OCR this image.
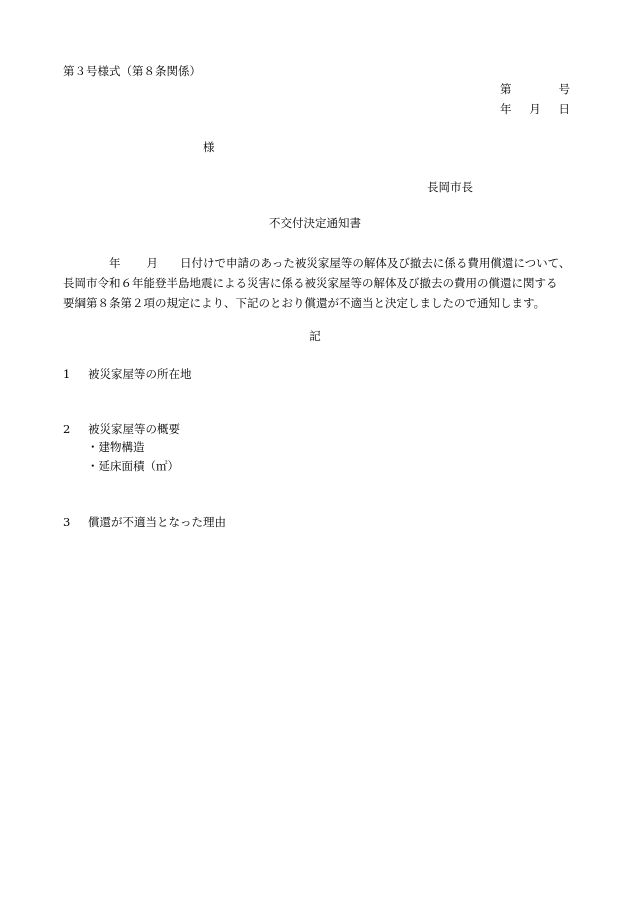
第３号様式（第８条関係）
第	号
年 月 日
様
長岡市長
不交付決定通知書
年 月 日付けで申請のあった被災家屋等の解体及び撤去に係る費用償還について、
長岡市令和６年能登半島地震による災害に係る被災家屋等の解体及び撤去の費用の償還に関する
要綱第８条第２項の規定により、下記のとおり償還が不適当と決定しましたので通知します。
記
1 被災家屋等の所在地
2 被災家屋等の概要
・建物構造
・延床面積（㎡）
3 償還が不適当となった理由
